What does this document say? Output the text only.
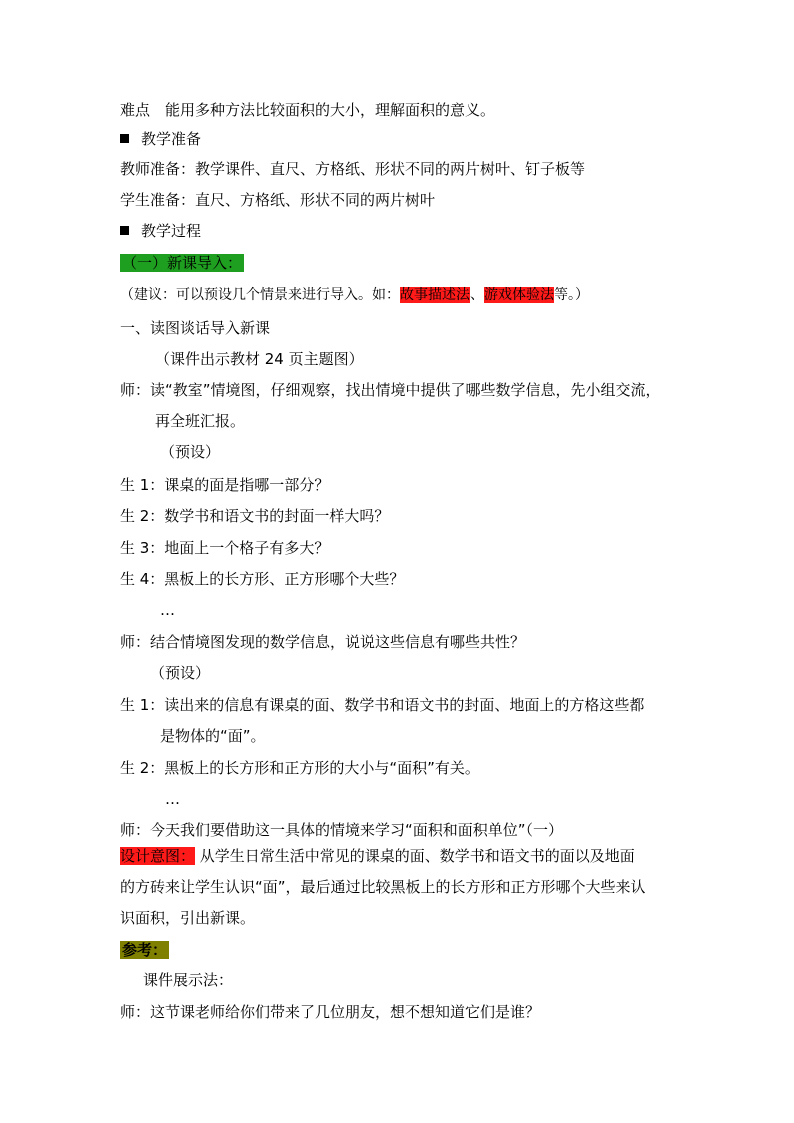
难点　能用多种方法比较面积的大小，理解面积的意义。
教学准备
教师准备：教学课件、直尺、方格纸、形状不同的两片树叶、钉子板等
学生准备：直尺、方格纸、形状不同的两片树叶
教学过程
（一）新课导入：
（建议：可以预设几个情景来进行导入。如：故事描述法、游戏体验法等。）
一、读图谈话导入新课
（课件出示教材 24 页主题图）
师：读“教室”情境图，仔细观察，找出情境中提供了哪些数学信息，先小组交流，
再全班汇报。
（预设）
生 1：课桌的面是指哪一部分？
生 2：数学书和语文书的封面一样大吗？
生 3：地面上一个格子有多大？
生 4：黑板上的长方形、正方形哪个大些？
…
师：结合情境图发现的数学信息，说说这些信息有哪些共性？
（预设）
生 1：读出来的信息有课桌的面、数学书和语文书的封面、地面上的方格这些都
是物体的“面”。
生 2：黑板上的长方形和正方形的大小与“面积”有关。
…
师：今天我们要借助这一具体的情境来学习“面积和面积单位”（一）
设计意图： 从学生日常生活中常见的课桌的面、数学书和语文书的面以及地面
的方砖来让学生认识“面”，最后通过比较黑板上的长方形和正方形哪个大些来认
识面积，引出新课。
参考：
课件展示法：
师：这节课老师给你们带来了几位朋友，想不想知道它们是谁？
